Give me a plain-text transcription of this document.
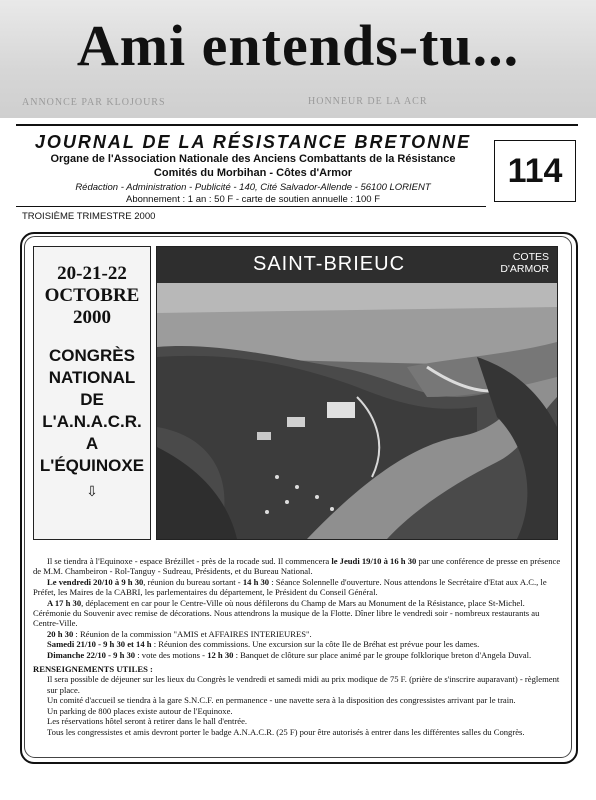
Ami entends-tu...
ANNONCE PAR KLOJOURS	HONNEUR DE LA ACR
JOURNAL DE LA RÉSISTANCE BRETONNE
Organe de l'Association Nationale des Anciens Combattants de la Résistance
Comités du Morbihan - Côtes d'Armor
Rédaction - Administration - Publicité - 140, Cité Salvador-Allende - 56100 LORIENT
Abonnement : 1 an : 50 F - carte de soutien annuelle : 100 F
114
TROISIÈME TRIMESTRE 2000
20-21-22
OCTOBRE
2000
CONGRÈS
NATIONAL
DE
L'A.N.A.C.R.
A
L'ÉQUINOXE
⇩
SAINT-BRIEUC	COTES
D'ARMOR

Il se tiendra à l'Equinoxe - espace Brézillet - près de la rocade sud. Il commencera le Jeudi 19/10 à 16 h 30 par une conférence de presse en présence de M.M. Chambeiron - Rol-Tanguy - Sudreau, Présidents, et du Bureau National.

Le vendredi 20/10 à 9 h 30, réunion du bureau sortant - 14 h 30 : Séance Solennelle d'ouverture. Nous attendons le Secrétaire d'Etat aux A.C., le Préfet, les Maires de la CABRI, les parlementaires du département, le Président du Conseil Général.

A 17 h 30, déplacement en car pour le Centre-Ville où nous défilerons du Champ de Mars au Monument de la Résistance, place St-Michel. Cérémonie du Souvenir avec remise de décorations. Nous attendrons la musique de la Flotte. Dîner libre le vendredi soir - nombreux restaurants au Centre-Ville.

20 h 30 : Réunion de la commission "AMIS et AFFAIRES INTERIEURES".

Samedi 21/10 - 9 h 30 et 14 h : Réunion des commissions. Une excursion sur la côte Ile de Bréhat est prévue pour les dames.

Dimanche 22/10 - 9 h 30 : vote des motions - 12 h 30 : Banquet de clôture sur place animé par le groupe folklorique breton d'Angela Duval.

RENSEIGNEMENTS UTILES :

Il sera possible de déjeuner sur les lieux du Congrès le vendredi et samedi midi au prix modique de 75 F. (prière de s'inscrire auparavant) - règlement sur place.

Un comité d'accueil se tiendra à la gare S.N.C.F. en permanence - une navette sera à la disposition des congressistes arrivant par le train.

Un parking de 800 places existe autour de l'Equinoxe.

Les réservations hôtel seront à retirer dans le hall d'entrée.

Tous les congressistes et amis devront porter le badge A.N.A.C.R. (25 F) pour être autorisés à entrer dans les différentes salles du Congrès.
